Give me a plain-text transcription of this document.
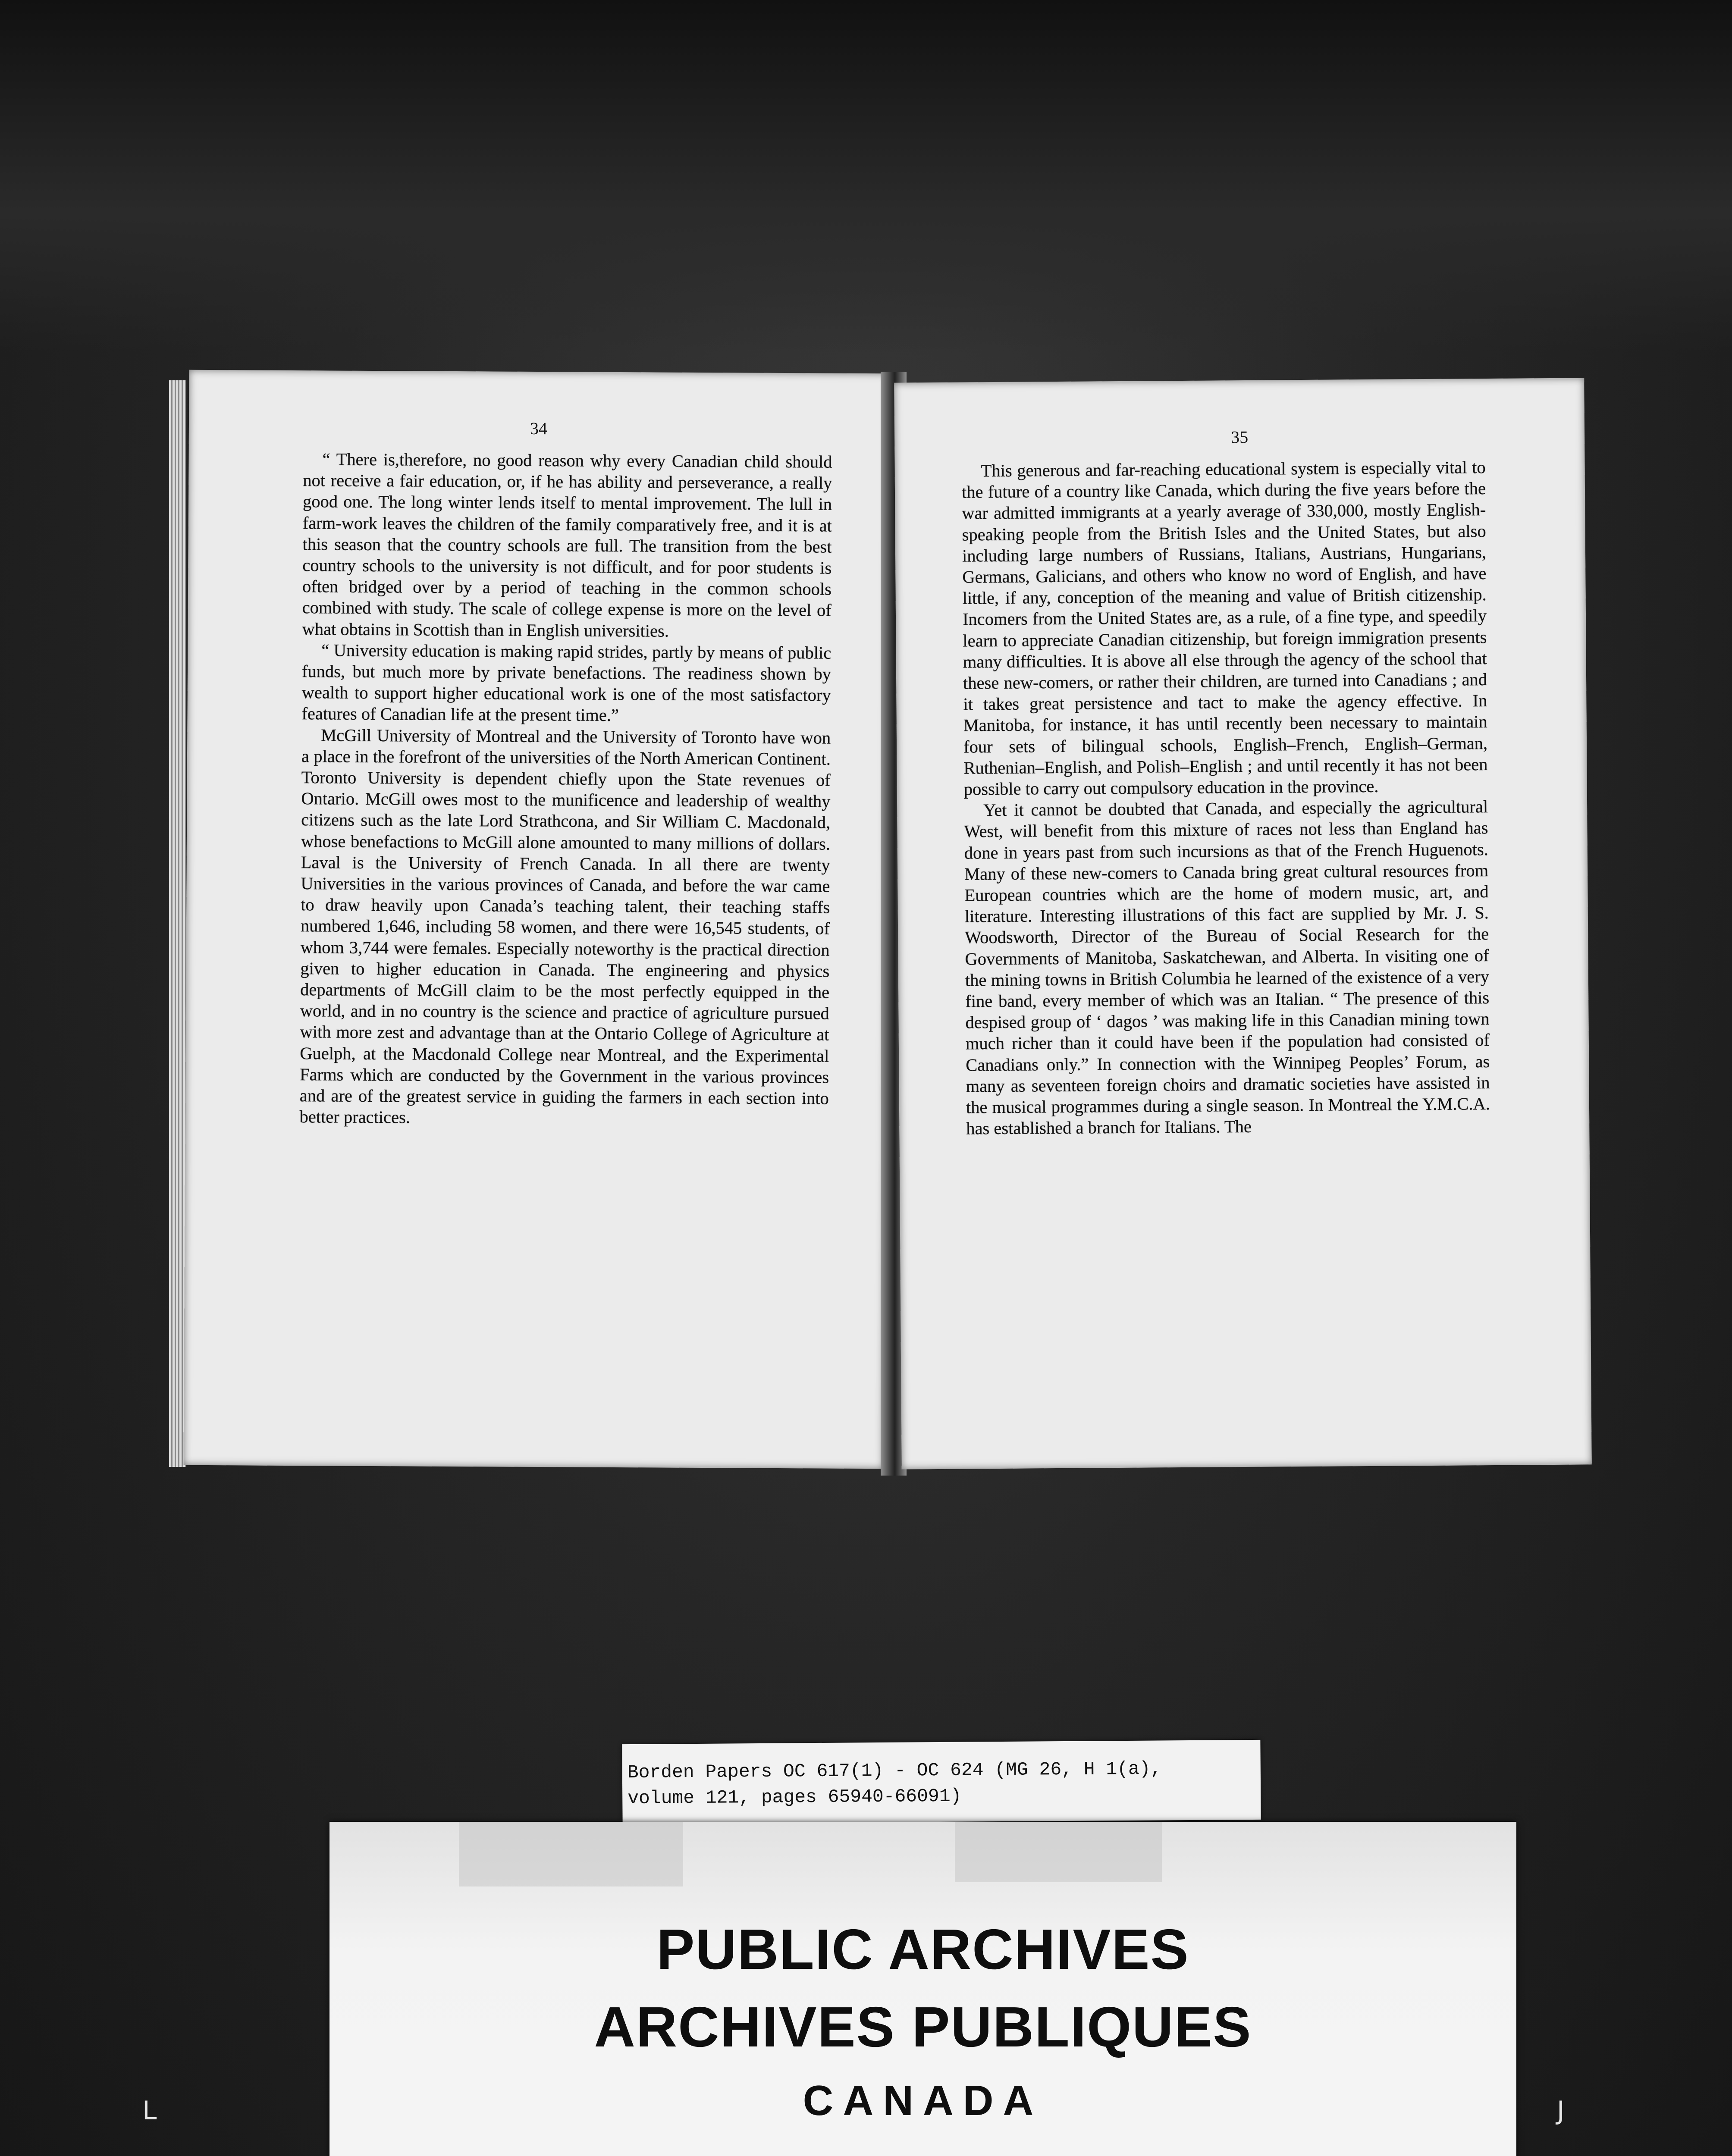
34

“ There is,therefore, no good reason why every Canadian child should not receive a fair education, or, if he has ability and perseverance, a really good one. The long winter lends itself to mental improvement. The lull in farm-work leaves the children of the family comparatively free, and it is at this season that the country schools are full. The transition from the best country schools to the university is not difficult, and for poor students is often bridged over by a period of teaching in the common schools combined with study. The scale of college expense is more on the level of what obtains in Scottish than in English universities.

“ University education is making rapid strides, partly by means of public funds, but much more by private benefactions. The readiness shown by wealth to support higher educational work is one of the most satisfactory features of Canadian life at the present time.”

McGill University of Montreal and the University of Toronto have won a place in the forefront of the universities of the North American Continent. Toronto University is dependent chiefly upon the State revenues of Ontario. McGill owes most to the munificence and leadership of wealthy citizens such as the late Lord Strathcona, and Sir William C. Macdonald, whose benefactions to McGill alone amounted to many millions of dollars. Laval is the University of French Canada. In all there are twenty Universities in the various provinces of Canada, and before the war came to draw heavily upon Canada’s teaching talent, their teaching staffs numbered 1,646, including 58 women, and there were 16,545 students, of whom 3,744 were females. Especially noteworthy is the practical direction given to higher education in Canada. The engineering and physics departments of McGill claim to be the most perfectly equipped in the world, and in no country is the science and practice of agriculture pursued with more zest and advantage than at the Ontario College of Agriculture at Guelph, at the Macdonald College near Montreal, and the Experimental Farms which are conducted by the Government in the various provinces and are of the greatest service in guiding the farmers in each section into better practices.

35

This generous and far-reaching educational system is especially vital to the future of a country like Canada, which during the five years before the war admitted immigrants at a yearly average of 330,000, mostly English-speaking people from the British Isles and the United States, but also including large numbers of Russians, Italians, Austrians, Hungarians, Germans, Galicians, and others who know no word of English, and have little, if any, conception of the meaning and value of British citizenship. Incomers from the United States are, as a rule, of a fine type, and speedily learn to appreciate Canadian citizenship, but foreign immigration presents many difficulties. It is above all else through the agency of the school that these new-comers, or rather their children, are turned into Canadians ; and it takes great persistence and tact to make the agency effective. In Manitoba, for instance, it has until recently been necessary to maintain four sets of bilingual schools, English–French, English–German, Ruthenian–English, and Polish–English ; and until recently it has not been possible to carry out compulsory education in the province.

Yet it cannot be doubted that Canada, and especially the agricultural West, will benefit from this mixture of races not less than England has done in years past from such incursions as that of the French Huguenots. Many of these new-comers to Canada bring great cultural resources from European countries which are the home of modern music, art, and literature. Interesting illustrations of this fact are supplied by Mr. J. S. Woodsworth, Director of the Bureau of Social Research for the Governments of Manitoba, Saskatchewan, and Alberta. In visiting one of the mining towns in British Columbia he learned of the existence of a very fine band, every member of which was an Italian. “ The presence of this despised group of ‘ dagos ’ was making life in this Canadian mining town much richer than it could have been if the population had consisted of Canadians only.” In connection with the Winnipeg Peoples’ Forum, as many as seventeen foreign choirs and dramatic societies have assisted in the musical programmes during a single season. In Montreal the Y.M.C.A. has established a branch for Italians. The

Borden Papers OC 617(1) - OC 624 (MG 26, H 1(a),
volume 121, pages 65940-66091)
PUBLIC ARCHIVES
ARCHIVES PUBLIQUES
CANADA
L	J
